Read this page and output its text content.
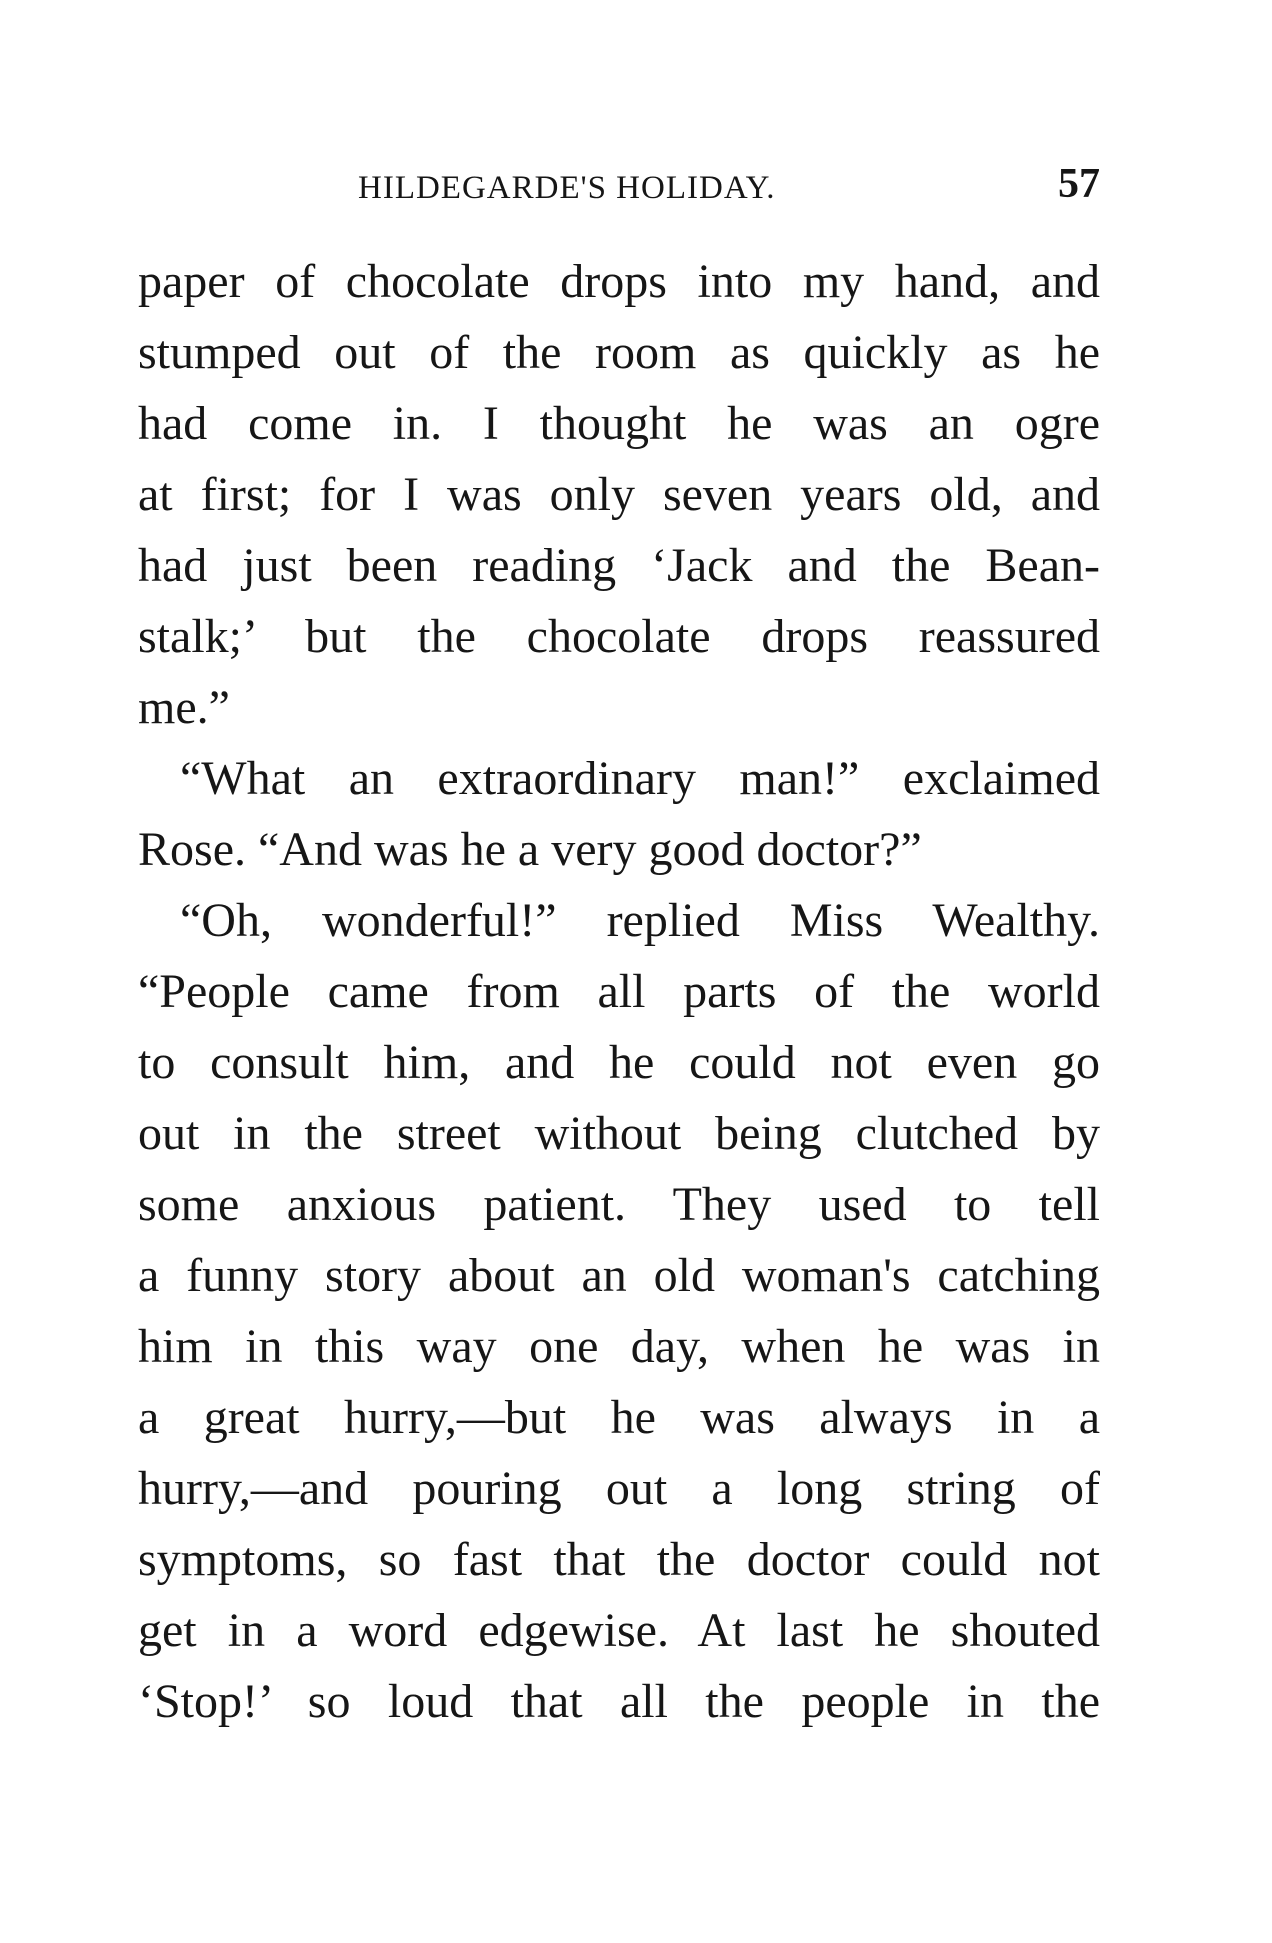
HILDEGARDE'S HOLIDAY.	57
paper of chocolate drops into my hand, and
stumped out of the room as quickly as he
had come in. I thought he was an ogre
at first; for I was only seven years old, and
had just been reading ‘Jack and the Bean-
stalk;’ but the chocolate drops reassured
me.”
“What an extraordinary man!” exclaimed
Rose. “And was he a very good doctor?”
“Oh, wonderful!” replied Miss Wealthy.
“People came from all parts of the world
to consult him, and he could not even go
out in the street without being clutched by
some anxious patient. They used to tell
a funny story about an old woman's catching
him in this way one day, when he was in
a great hurry,—but he was always in a
hurry,—and pouring out a long string of
symptoms, so fast that the doctor could not
get in a word edgewise. At last he shouted
‘Stop!’ so loud that all the people in the
